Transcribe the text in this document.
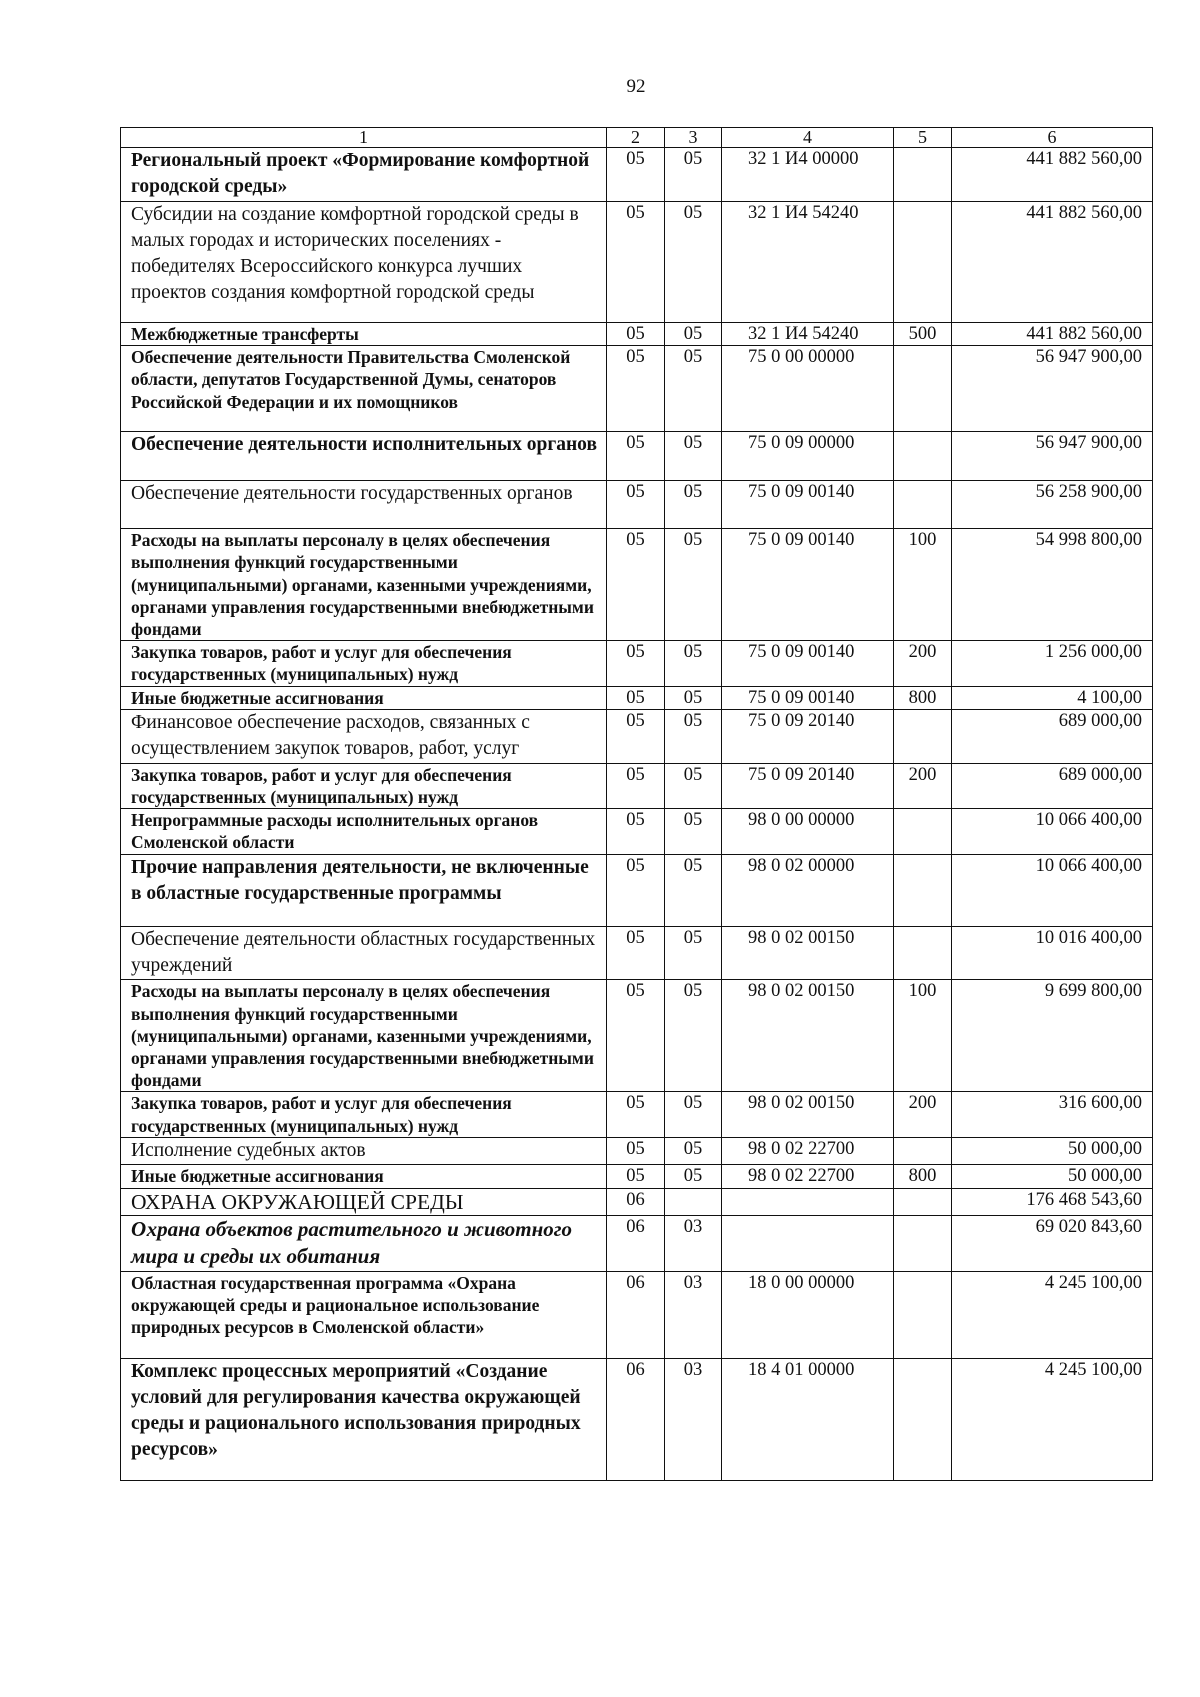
92
1	2	3	4	5	6
Региональный проект «Формирование комфортной городской среды»	05	05	32 1 И4 00000		441 882 560,00
Субсидии на создание комфортной городской среды в малых городах и исторических поселениях - победителях Всероссийского конкурса лучших проектов создания комфортной городской среды	05	05	32 1 И4 54240		441 882 560,00
Межбюджетные трансферты	05	05	32 1 И4 54240	500	441 882 560,00
Обеспечение деятельности Правительства Смоленской области, депутатов Государственной Думы, сенаторов Российской Федерации и их помощников	05	05	75 0 00 00000		56 947 900,00
Обеспечение деятельности исполнительных органов	05	05	75 0 09 00000		56 947 900,00
Обеспечение деятельности государственных органов	05	05	75 0 09 00140		56 258 900,00
Расходы на выплаты персоналу в целях обеспечения выполнения функций государственными (муниципальными) органами, казенными учреждениями, органами управления государственными внебюджетными фондами	05	05	75 0 09 00140	100	54 998 800,00
Закупка товаров, работ и услуг для обеспечения государственных (муниципальных) нужд	05	05	75 0 09 00140	200	1 256 000,00
Иные бюджетные ассигнования	05	05	75 0 09 00140	800	4 100,00
Финансовое обеспечение расходов, связанных с осуществлением закупок товаров, работ, услуг	05	05	75 0 09 20140		689 000,00
Закупка товаров, работ и услуг для обеспечения государственных (муниципальных) нужд	05	05	75 0 09 20140	200	689 000,00
Непрограммные расходы исполнительных органов Смоленской области	05	05	98 0 00 00000		10 066 400,00
Прочие направления деятельности, не включенные в областные государственные программы	05	05	98 0 02 00000		10 066 400,00
Обеспечение деятельности областных государственных учреждений	05	05	98 0 02 00150		10 016 400,00
Расходы на выплаты персоналу в целях обеспечения выполнения функций государственными (муниципальными) органами, казенными учреждениями, органами управления государственными внебюджетными фондами	05	05	98 0 02 00150	100	9 699 800,00
Закупка товаров, работ и услуг для обеспечения государственных (муниципальных) нужд	05	05	98 0 02 00150	200	316 600,00
Исполнение судебных актов	05	05	98 0 02 22700		50 000,00
Иные бюджетные ассигнования	05	05	98 0 02 22700	800	50 000,00
ОХРАНА ОКРУЖАЮЩЕЙ СРЕДЫ	06				176 468 543,60
Охрана объектов растительного и животного мира и среды их обитания	06	03			69 020 843,60
Областная государственная программа «Охрана окружающей среды и рациональное использование природных ресурсов в Смоленской области»	06	03	18 0 00 00000		4 245 100,00
Комплекс процессных мероприятий «Создание условий для регулирования качества окружающей среды и рационального использования природных ресурсов»	06	03	18 4 01 00000		4 245 100,00
